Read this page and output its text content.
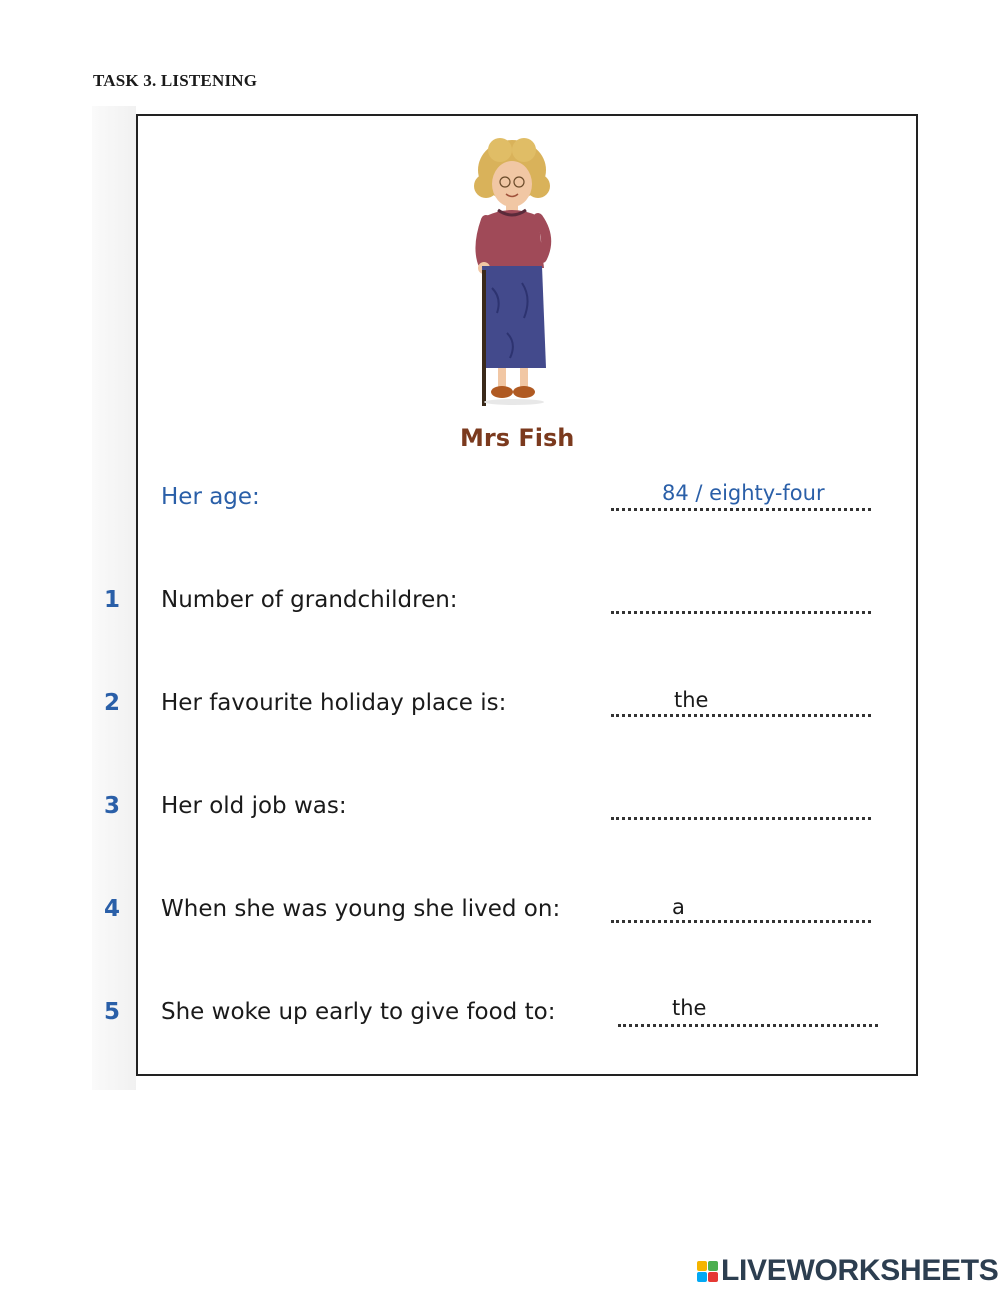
TASK 3. LISTENING
Mrs Fish
Her age:	84 / eighty-four
1 Number of grandchildren:
2 Her favourite holiday place is:	the
3 Her old job was:
4 When she was young she lived on:	a
5 She woke up early to give food to:	the
LIVEWORKSHEETS
